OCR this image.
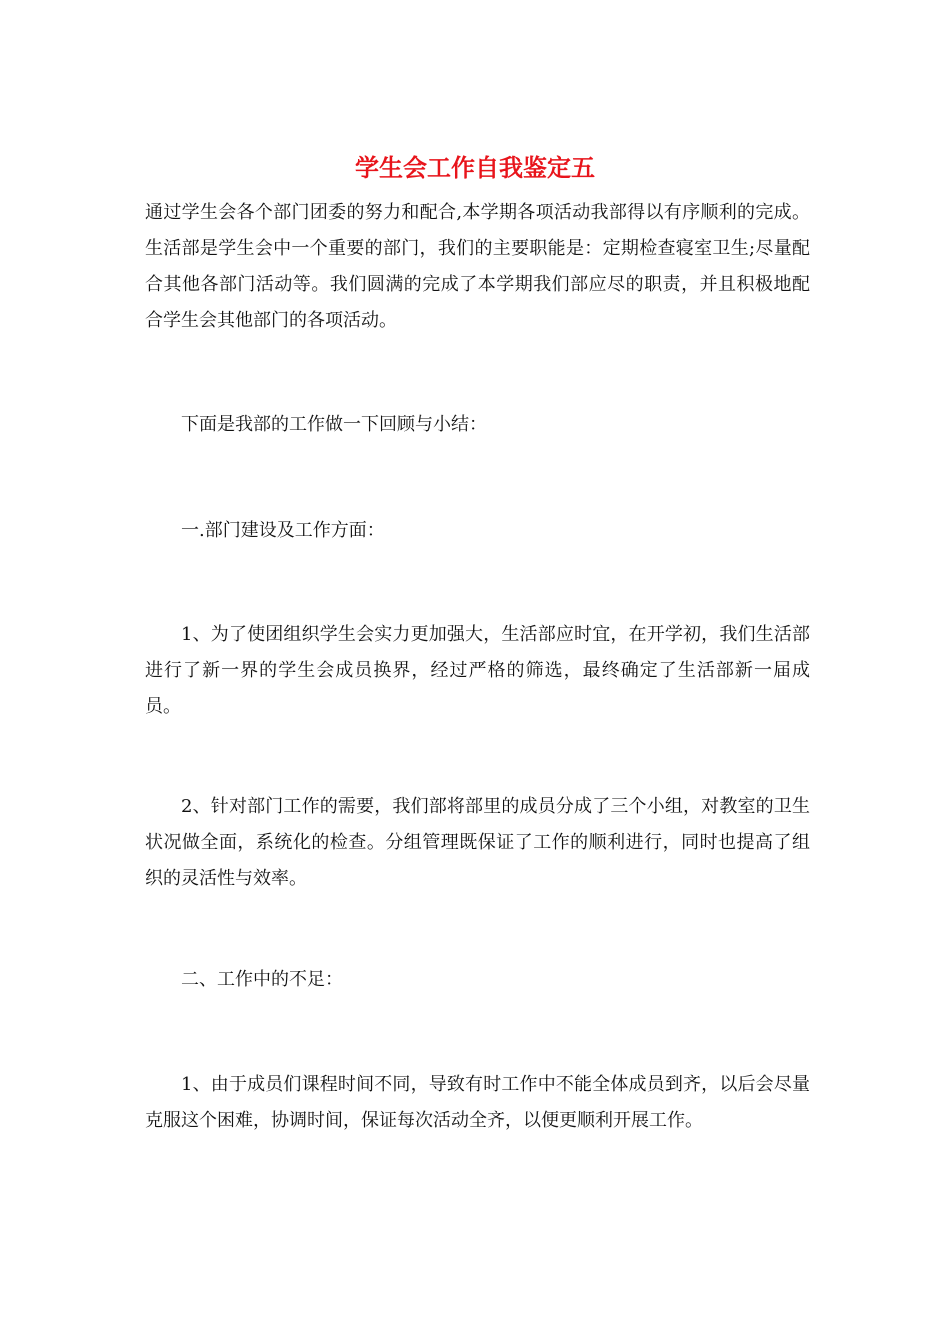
学生会工作自我鉴定五

通过学生会各个部门团委的努力和配合,本学期各项活动我部得以有序顺利的完成。生活部是学生会中一个重要的部门，我们的主要职能是：定期检查寝室卫生;尽量配合其他各部门活动等。我们圆满的完成了本学期我们部应尽的职责，并且积极地配合学生会其他部门的各项活动。

下面是我部的工作做一下回顾与小结：

一.部门建设及工作方面：

1、为了使团组织学生会实力更加强大，生活部应时宜，在开学初，我们生活部进行了新一界的学生会成员换界，经过严格的筛选，最终确定了生活部新一届成员。

2、针对部门工作的需要，我们部将部里的成员分成了三个小组，对教室的卫生状况做全面，系统化的检查。分组管理既保证了工作的顺利进行，同时也提高了组织的灵活性与效率。

二、工作中的不足：

1、由于成员们课程时间不同，导致有时工作中不能全体成员到齐，以后会尽量克服这个困难，协调时间，保证每次活动全齐，以便更顺利开展工作。
